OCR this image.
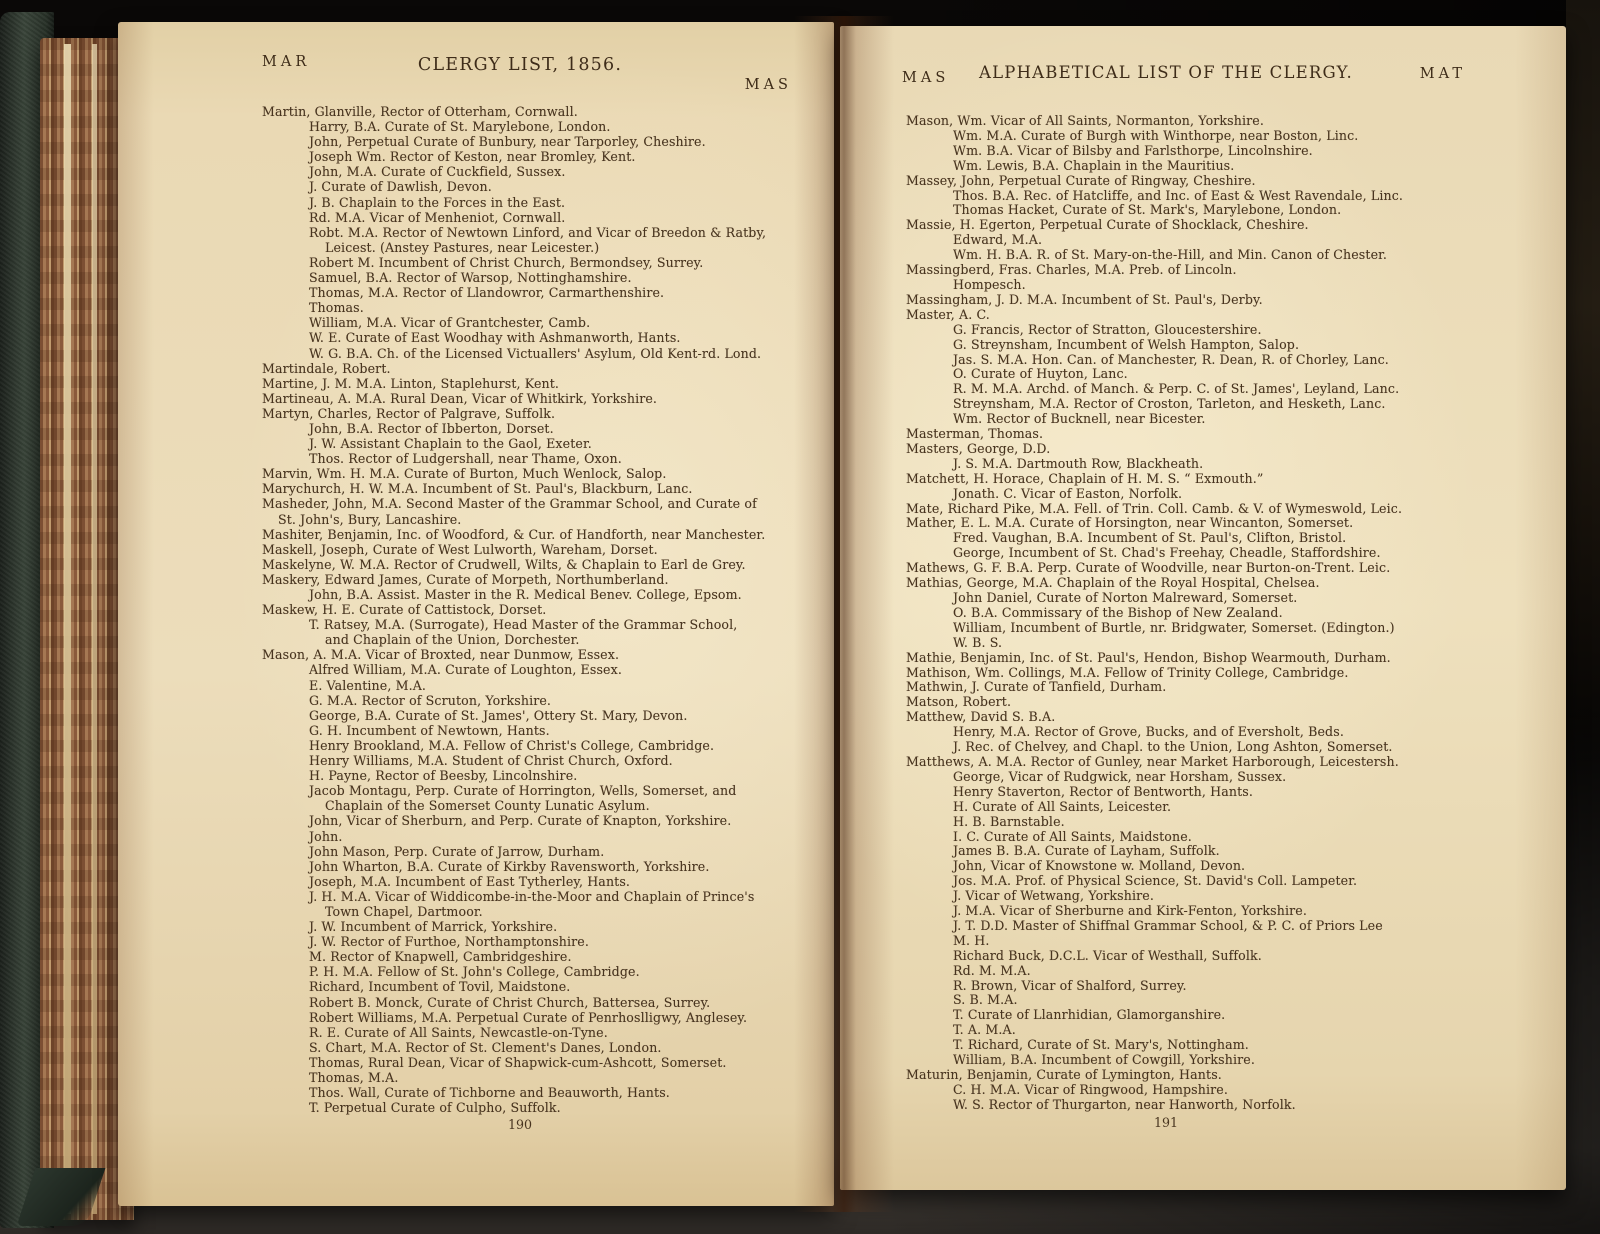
MAR	CLERGY LIST, 1856.
MAS
Martin, Glanville, Rector of Otterham, Cornwall.
Harry, B.A. Curate of St. Marylebone, London.
John, Perpetual Curate of Bunbury, near Tarporley, Cheshire.
Joseph Wm. Rector of Keston, near Bromley, Kent.
John, M.A. Curate of Cuckfield, Sussex.
J. Curate of Dawlish, Devon.
J. B. Chaplain to the Forces in the East.
Rd. M.A. Vicar of Menheniot, Cornwall.
Robt. M.A. Rector of Newtown Linford, and Vicar of Breedon & Ratby,
Leicest. (Anstey Pastures, near Leicester.)
Robert M. Incumbent of Christ Church, Bermondsey, Surrey.
Samuel, B.A. Rector of Warsop, Nottinghamshire.
Thomas, M.A. Rector of Llandowror, Carmarthenshire.
Thomas.
William, M.A. Vicar of Grantchester, Camb.
W. E. Curate of East Woodhay with Ashmanworth, Hants.
W. G. B.A. Ch. of the Licensed Victuallers' Asylum, Old Kent-rd. Lond.
Martindale, Robert.
Martine, J. M. M.A. Linton, Staplehurst, Kent.
Martineau, A. M.A. Rural Dean, Vicar of Whitkirk, Yorkshire.
Martyn, Charles, Rector of Palgrave, Suffolk.
John, B.A. Rector of Ibberton, Dorset.
J. W. Assistant Chaplain to the Gaol, Exeter.
Thos. Rector of Ludgershall, near Thame, Oxon.
Marvin, Wm. H. M.A. Curate of Burton, Much Wenlock, Salop.
Marychurch, H. W. M.A. Incumbent of St. Paul's, Blackburn, Lanc.
Masheder, John, M.A. Second Master of the Grammar School, and Curate of
St. John's, Bury, Lancashire.
Mashiter, Benjamin, Inc. of Woodford, & Cur. of Handforth, near Manchester.
Maskell, Joseph, Curate of West Lulworth, Wareham, Dorset.
Maskelyne, W. M.A. Rector of Crudwell, Wilts, & Chaplain to Earl de Grey.
Maskery, Edward James, Curate of Morpeth, Northumberland.
John, B.A. Assist. Master in the R. Medical Benev. College, Epsom.
Maskew, H. E. Curate of Cattistock, Dorset.
T. Ratsey, M.A. (Surrogate), Head Master of the Grammar School,
and Chaplain of the Union, Dorchester.
Mason, A. M.A. Vicar of Broxted, near Dunmow, Essex.
Alfred William, M.A. Curate of Loughton, Essex.
E. Valentine, M.A.
G. M.A. Rector of Scruton, Yorkshire.
George, B.A. Curate of St. James', Ottery St. Mary, Devon.
G. H. Incumbent of Newtown, Hants.
Henry Brookland, M.A. Fellow of Christ's College, Cambridge.
Henry Williams, M.A. Student of Christ Church, Oxford.
H. Payne, Rector of Beesby, Lincolnshire.
Jacob Montagu, Perp. Curate of Horrington, Wells, Somerset, and
Chaplain of the Somerset County Lunatic Asylum.
John, Vicar of Sherburn, and Perp. Curate of Knapton, Yorkshire.
John.
John Mason, Perp. Curate of Jarrow, Durham.
John Wharton, B.A. Curate of Kirkby Ravensworth, Yorkshire.
Joseph, M.A. Incumbent of East Tytherley, Hants.
J. H. M.A. Vicar of Widdicombe-in-the-Moor and Chaplain of Prince's
Town Chapel, Dartmoor.
J. W. Incumbent of Marrick, Yorkshire.
J. W. Rector of Furthoe, Northamptonshire.
M. Rector of Knapwell, Cambridgeshire.
P. H. M.A. Fellow of St. John's College, Cambridge.
Richard, Incumbent of Tovil, Maidstone.
Robert B. Monck, Curate of Christ Church, Battersea, Surrey.
Robert Williams, M.A. Perpetual Curate of Penrhoslligwy, Anglesey.
R. E. Curate of All Saints, Newcastle-on-Tyne.
S. Chart, M.A. Rector of St. Clement's Danes, London.
Thomas, Rural Dean, Vicar of Shapwick-cum-Ashcott, Somerset.
Thomas, M.A.
Thos. Wall, Curate of Tichborne and Beauworth, Hants.
T. Perpetual Curate of Culpho, Suffolk.
190
MAS ALPHABETICAL LIST OF THE CLERGY.	MAT
Mason, Wm. Vicar of All Saints, Normanton, Yorkshire.
Wm. M.A. Curate of Burgh with Winthorpe, near Boston, Linc.
Wm. B.A. Vicar of Bilsby and Farlsthorpe, Lincolnshire.
Wm. Lewis, B.A. Chaplain in the Mauritius.
Massey, John, Perpetual Curate of Ringway, Cheshire.
Thos. B.A. Rec. of Hatcliffe, and Inc. of East & West Ravendale, Linc.
Thomas Hacket, Curate of St. Mark's, Marylebone, London.
Massie, H. Egerton, Perpetual Curate of Shocklack, Cheshire.
Edward, M.A.
Wm. H. B.A. R. of St. Mary-on-the-Hill, and Min. Canon of Chester.
Massingberd, Fras. Charles, M.A. Preb. of Lincoln.
Hompesch.
Massingham, J. D. M.A. Incumbent of St. Paul's, Derby.
Master, A. C.
G. Francis, Rector of Stratton, Gloucestershire.
G. Streynsham, Incumbent of Welsh Hampton, Salop.
Jas. S. M.A. Hon. Can. of Manchester, R. Dean, R. of Chorley, Lanc.
O. Curate of Huyton, Lanc.
R. M. M.A. Archd. of Manch. & Perp. C. of St. James', Leyland, Lanc.
Streynsham, M.A. Rector of Croston, Tarleton, and Hesketh, Lanc.
Wm. Rector of Bucknell, near Bicester.
Masterman, Thomas.
Masters, George, D.D.
J. S. M.A. Dartmouth Row, Blackheath.
Matchett, H. Horace, Chaplain of H. M. S. “ Exmouth.”
Jonath. C. Vicar of Easton, Norfolk.
Mate, Richard Pike, M.A. Fell. of Trin. Coll. Camb. & V. of Wymeswold, Leic.
Mather, E. L. M.A. Curate of Horsington, near Wincanton, Somerset.
Fred. Vaughan, B.A. Incumbent of St. Paul's, Clifton, Bristol.
George, Incumbent of St. Chad's Freehay, Cheadle, Staffordshire.
Mathews, G. F. B.A. Perp. Curate of Woodville, near Burton-on-Trent. Leic.
Mathias, George, M.A. Chaplain of the Royal Hospital, Chelsea.
John Daniel, Curate of Norton Malreward, Somerset.
O. B.A. Commissary of the Bishop of New Zealand.
William, Incumbent of Burtle, nr. Bridgwater, Somerset. (Edington.)
W. B. S.
Mathie, Benjamin, Inc. of St. Paul's, Hendon, Bishop Wearmouth, Durham.
Mathison, Wm. Collings, M.A. Fellow of Trinity College, Cambridge.
Mathwin, J. Curate of Tanfield, Durham.
Matson, Robert.
Matthew, David S. B.A.
Henry, M.A. Rector of Grove, Bucks, and of Eversholt, Beds.
J. Rec. of Chelvey, and Chapl. to the Union, Long Ashton, Somerset.
Matthews, A. M.A. Rector of Gunley, near Market Harborough, Leicestersh.
George, Vicar of Rudgwick, near Horsham, Sussex.
Henry Staverton, Rector of Bentworth, Hants.
H. Curate of All Saints, Leicester.
H. B. Barnstable.
I. C. Curate of All Saints, Maidstone.
James B. B.A. Curate of Layham, Suffolk.
John, Vicar of Knowstone w. Molland, Devon.
Jos. M.A. Prof. of Physical Science, St. David's Coll. Lampeter.
J. Vicar of Wetwang, Yorkshire.
J. M.A. Vicar of Sherburne and Kirk-Fenton, Yorkshire.
J. T. D.D. Master of Shiffnal Grammar School, & P. C. of Priors Lee
M. H.
Richard Buck, D.C.L. Vicar of Westhall, Suffolk.
Rd. M. M.A.
R. Brown, Vicar of Shalford, Surrey.
S. B. M.A.
T. Curate of Llanrhidian, Glamorganshire.
T. A. M.A.
T. Richard, Curate of St. Mary's, Nottingham.
William, B.A. Incumbent of Cowgill, Yorkshire.
Maturin, Benjamin, Curate of Lymington, Hants.
C. H. M.A. Vicar of Ringwood, Hampshire.
W. S. Rector of Thurgarton, near Hanworth, Norfolk.
191
